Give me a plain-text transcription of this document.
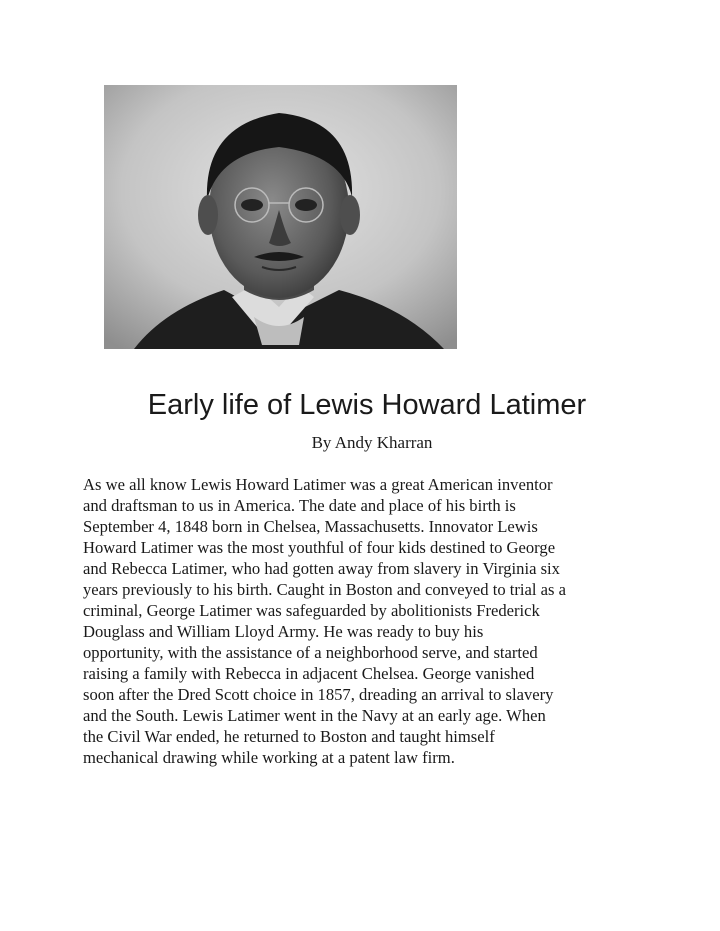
Early life of Lewis Howard Latimer
By Andy Kharran
As we all know Lewis Howard Latimer was a great American inventor
and draftsman to us in America. The date and place of his birth is
September 4, 1848 born in Chelsea, Massachusetts. Innovator Lewis
Howard Latimer was the most youthful of four kids destined to George
and Rebecca Latimer, who had gotten away from slavery in Virginia six
years previously to his birth. Caught in Boston and conveyed to trial as a
criminal, George Latimer was safeguarded by abolitionists Frederick
Douglass and William Lloyd Army. He was ready to buy his
opportunity, with the assistance of a neighborhood serve, and started
raising a family with Rebecca in adjacent Chelsea. George vanished
soon after the Dred Scott choice in 1857, dreading an arrival to slavery
and the South. Lewis Latimer went in the Navy at an early age. When
the Civil War ended, he returned to Boston and taught himself
mechanical drawing while working at a patent law firm.
